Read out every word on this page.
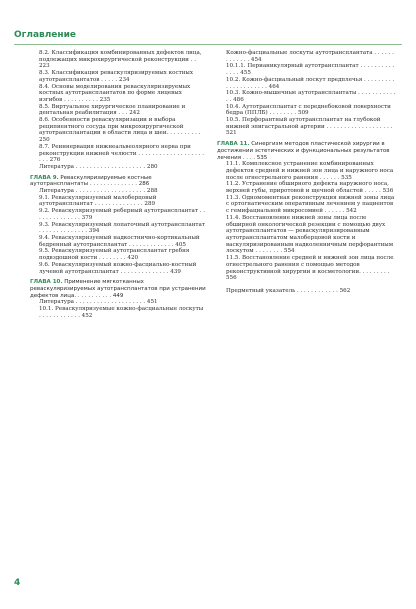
Оглавление
8.2. Классификация комбинированных дефектов лица, подлежащих микрохирургической реконструкции . . 223
8.3. Классификация реваскуляризируемых костных аутотрансплантатов . . . . . 234
8.4. Основы моделирования реваскуляризируемых костных аутотрансплантатов по форме лицевых изгибов . . . . . . . . . . 235
8.5. Виртуальное хирургическое планирование и дентальная реабилитация . . . 242
8.6. Особенности реваскуляризации и выбора реципиентного сосуда при микрохирургической аутотрансплантации в области лица и шеи. . . . . . . . . . 250
8.7. Реиннервация нижнеальвеолярного нерва при реконструкции нижней челюсти . . . . . . . . . . . . . . . . . . . . . . 276
Литература . . . . . . . . . . . . . . . . . . . . 280
ГЛАВА 9. Реваскуляризируемые костные аутотрансплантаты . . . . . . . . . . . . . . 286
Литература . . . . . . . . . . . . . . . . . . . . 288
9.1. Реваскуляризуемый малоберцовый аутотрансплантат . . . . . . . . . . . . . . 289
9.2. Реваскуляризуемый реберный аутотрансплантат . . . . . . . . . . . . . . 379
9.3. Реваскуляризуемый лопаточный аутотрансплантат . . . . . . . . . . . . . . 394
9.4. Реваскуляризуемый надкостнично-кортикальный бедренный аутотрансплантат . . . . . . . . . . . . . 405
9.5. Реваскуляризуемый аутотрансплантат гребня подвздошной кости . . . . . . . . 420
9.6. Реваскуляризуемый кожно-фасциально-костный лучевой аутотрансплантат . . . . . . . . . . . . . . 439
ГЛАВА 10. Применение мягкотканных реваскуляризируемых аутотрансплантатов при устранении дефектов лица. . . . . . . . . . . 449
Литература . . . . . . . . . . . . . . . . . . . . 451
10.1. Реваскуляризуемые кожно-фасциальные лоскуты . . . . . . . . . . . . 452
Кожно-фасциальные лоскуты аутотрансплантата . . . . . . . . . . . . . 454
10.1.1. Перианикулярный аутотрансплантат . . . . . . . . . . . . . . 455
10.2. Кожно-фасциальный лоскут предплечья . . . . . . . . . . . . . . . . . . . . . 464
10.3. Кожно-мышечные аутотрансплантаты . . . . . . . . . . . . . 486
10.4. Аутотрансплантат с переднебоковой поверхности бедра (ППЛБ) . . . . . . . . 509
10.5. Перфорантный аутотрансплантат на глубокой нижней эпигастральной артерии . . . . . . . . . . . . . . . . . . . 521
ГЛАВА 11. Синергизм методов пластической хирургии в достижении эстетических и функциональных результатов лечения . . . . 535
11.1. Комплексное устранение комбинированных дефектов средней и нижней зон лица и наружного носа после огнестрельного ранения . . . . . . 535
11.2. Устранение обширного дефекта наружного носа, верхней губы, приротовой и щечной областей . . . . . 536
11.3. Одномоментная реконструкция нижней зоны лица с ортогнатическим оперативным лечением у пациентов с гемифациальной микросомией . . . . . . 542
11.4. Восстановление нижней зоны лица после обширной онкологической резекции с помощью двух аутотрансплантатов — реваскуляризированным аутотрансплантатом малоберцовой кости и васкуляризированным надколенничным перфорантным лоскутом . . . . . . . . 554
11.5. Восстановление средней и нижней зон лица после огнестрельного ранения с помощью методов реконструктивной хирургии и косметологии. . . . . . . . . 556
Предметный указатель . . . . . . . . . . . . 562
4
